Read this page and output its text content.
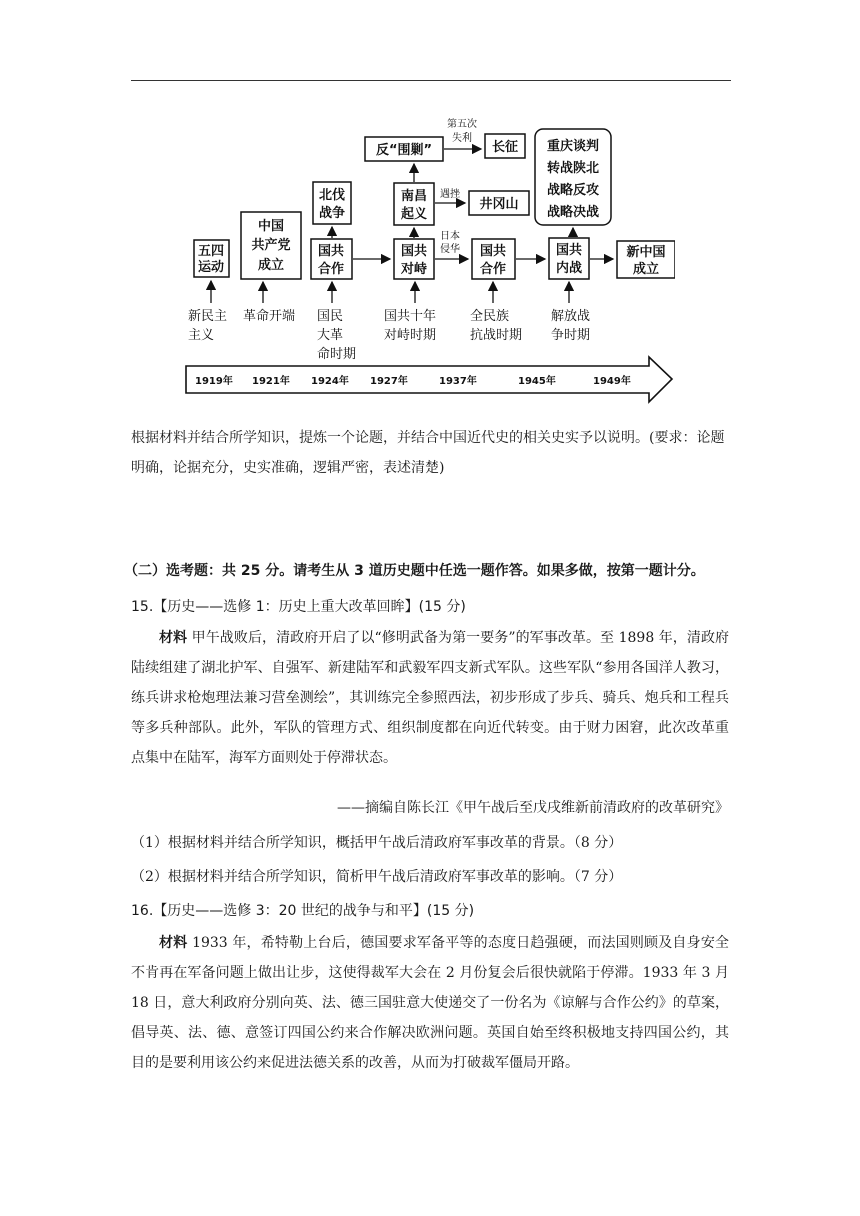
五四
运动
中国
共产党
成立
北伐
战争
国共
合作
反“围剿”	长征
南昌
起义
井冈山
国共
对峙
国共
合作
重庆谈判
转战陕北
战略反攻
战略决战
国共
内战
新中国
成立
第五次
失利
遇挫
日本
侵华
新民主
主义
革命开端 国民
大革
命时期
国共十年
对峙时期
全民族
抗战时期
解放战
争时期
1919年 1921年 1924年 1927年	1937年	1945年	1949年
根据材料并结合所学知识，提炼一个论题，并结合中国近代史的相关史实予以说明。(要求：论题明确，论据充分，史实准确，逻辑严密，表述清楚)
（二）选考题：共 25 分。请考生从 3 道历史题中任选一题作答。如果多做，按第一题计分。
15.【历史——选修 1：历史上重大改革回眸】(15 分)
材料 甲午战败后，清政府开启了以“修明武备为第一要务”的军事改革。至 1898 年，清政府陆续组建了湖北护军、自强军、新建陆军和武毅军四支新式军队。这些军队“参用各国洋人教习，练兵讲求枪炮理法兼习营垒测绘”，其训练完全参照西法，初步形成了步兵、骑兵、炮兵和工程兵等多兵种部队。此外，军队的管理方式、组织制度都在向近代转变。由于财力困窘，此次改革重点集中在陆军，海军方面则处于停滞状态。
——摘编自陈长江《甲午战后至戊戌维新前清政府的改革研究》
（1）根据材料并结合所学知识，概括甲午战后清政府军事改革的背景。（8 分）
（2）根据材料并结合所学知识，简析甲午战后清政府军事改革的影响。（7 分）
16.【历史——选修 3：20 世纪的战争与和平】(15 分)
材料 1933 年，希特勒上台后，德国要求军备平等的态度日趋强硬，而法国则顾及自身安全不肯再在军备问题上做出让步，这使得裁军大会在 2 月份复会后很快就陷于停滞。1933 年 3 月 18 日，意大利政府分别向英、法、德三国驻意大使递交了一份名为《谅解与合作公约》的草案，倡导英、法、德、意签订四国公约来合作解决欧洲问题。英国自始至终积极地支持四国公约，其目的是要利用该公约来促进法德关系的改善，从而为打破裁军僵局开路。
